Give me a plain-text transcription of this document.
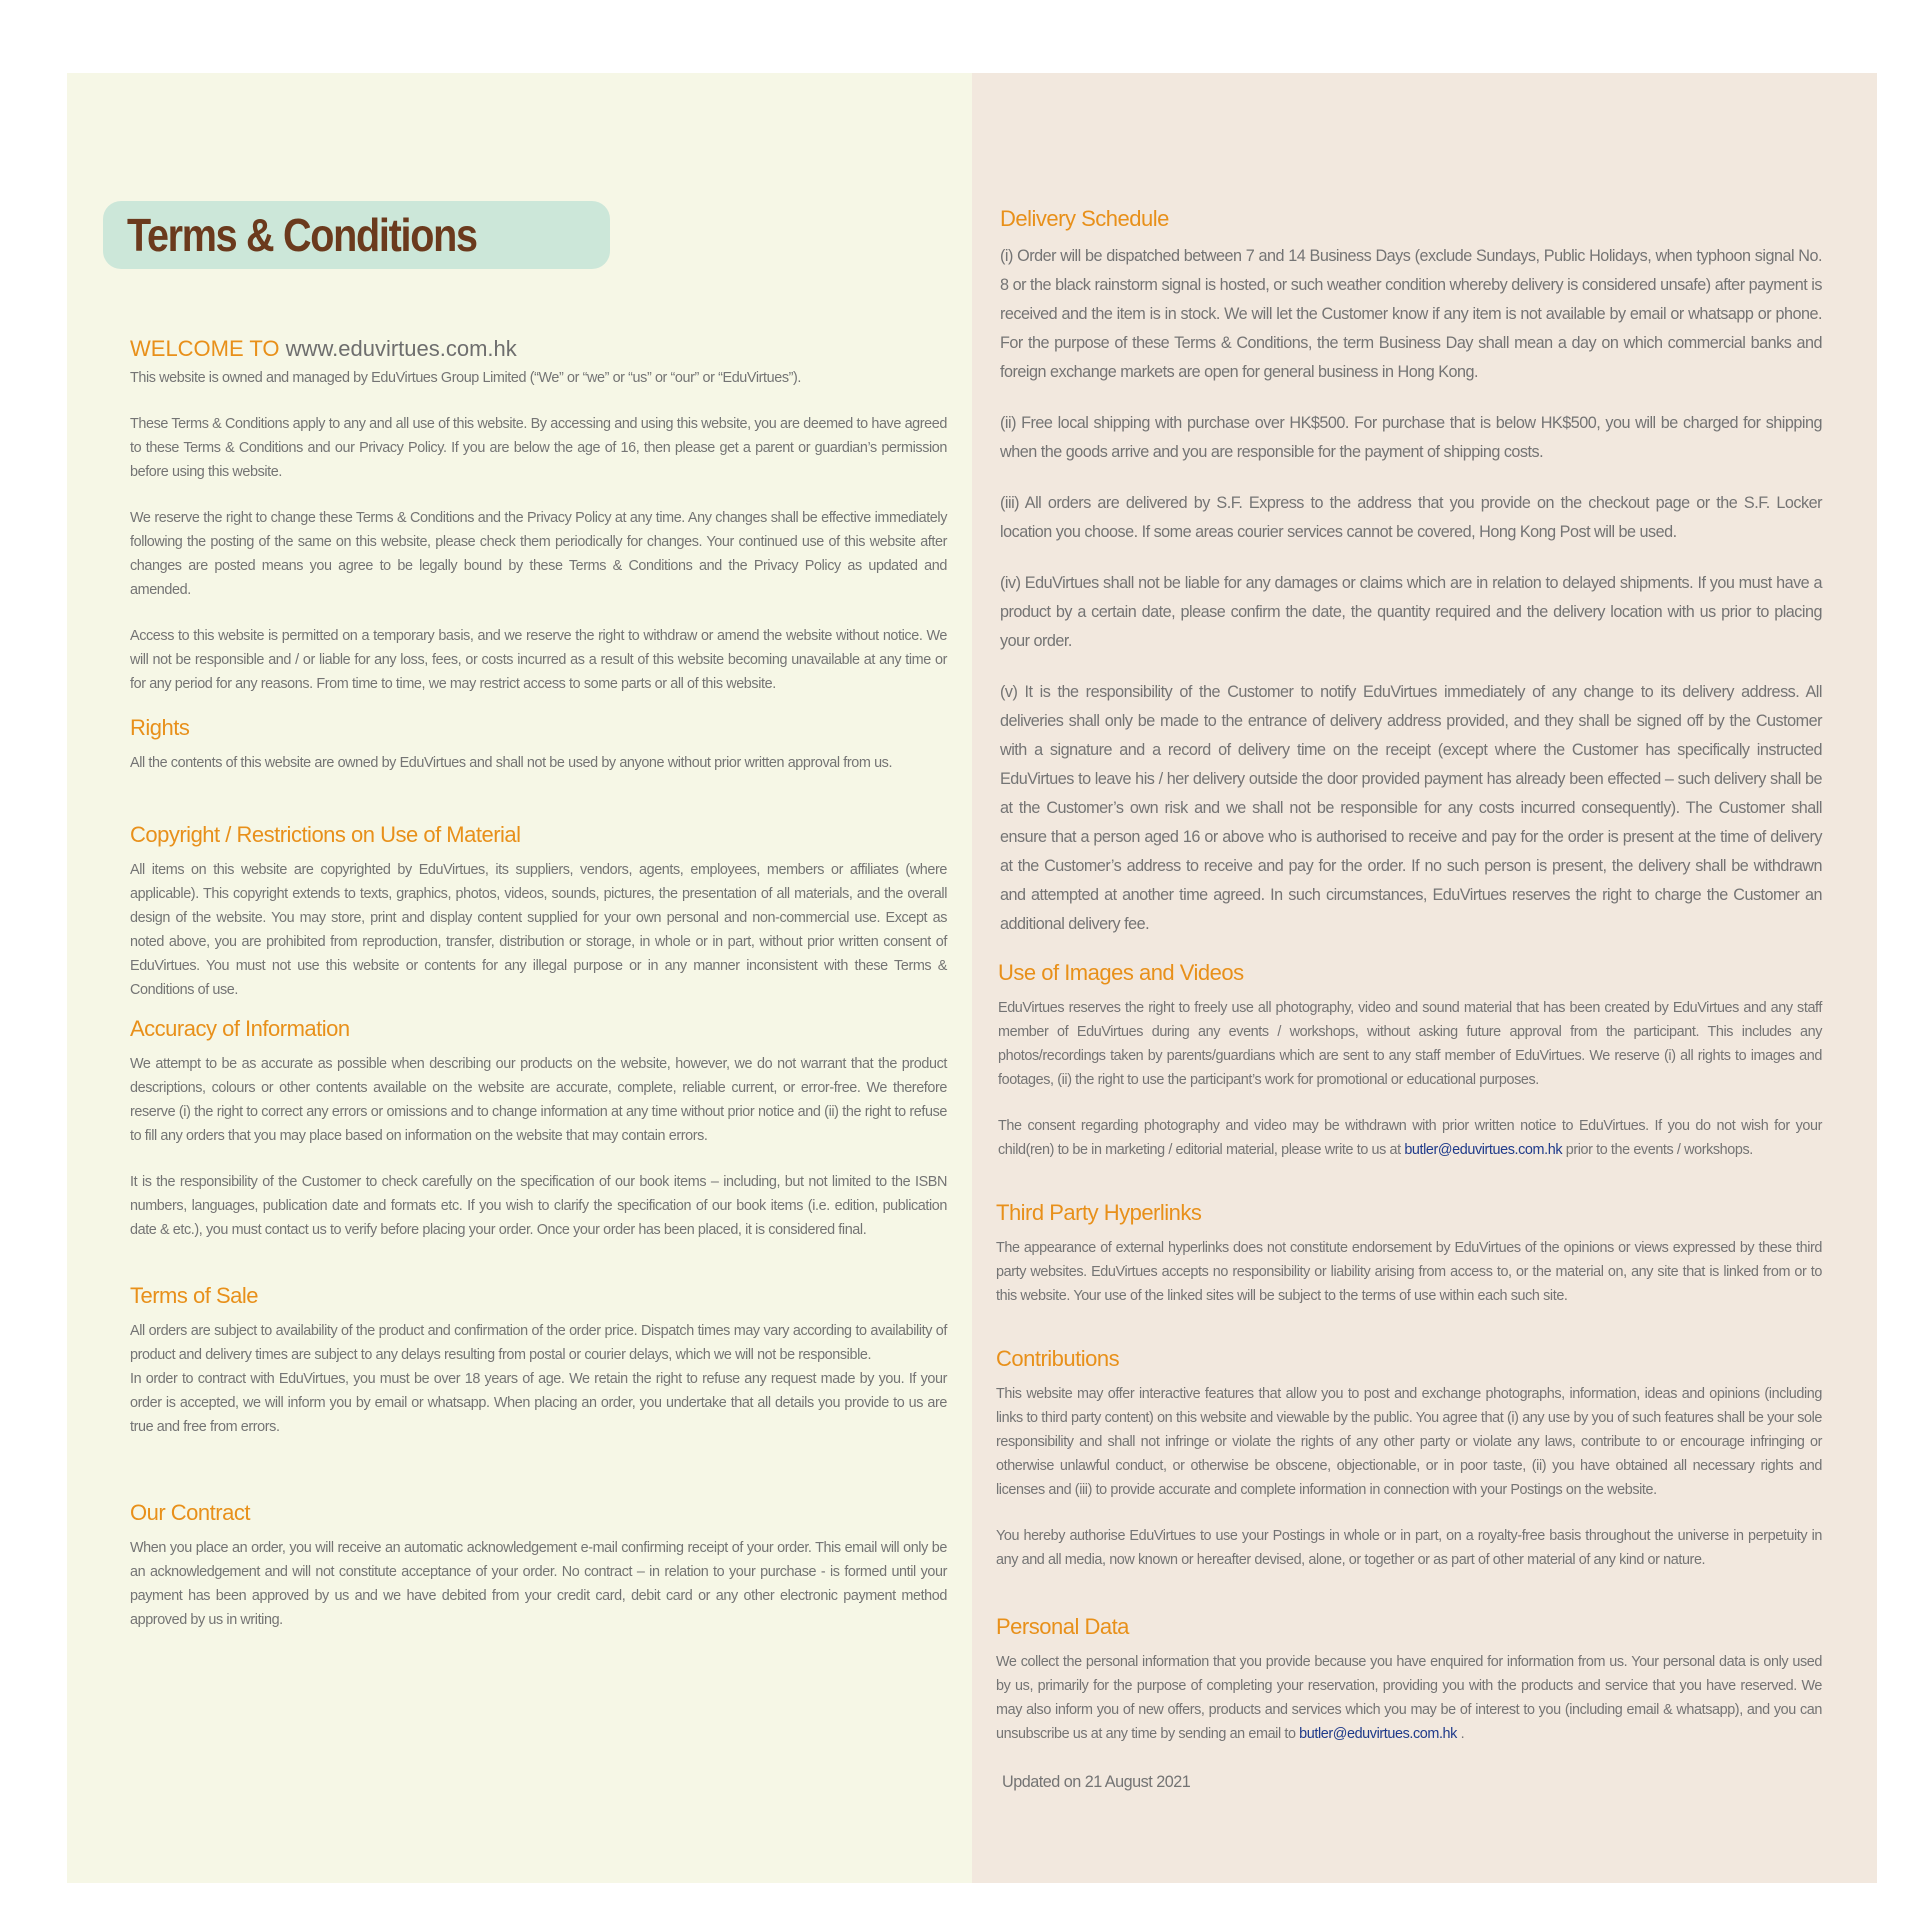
Terms & Conditions

WELCOME TO www.eduvirtues.com.hk

This website is owned and managed by EduVirtues Group Limited (“We” or “we” or “us” or “our” or “EduVirtues”).

These Terms & Conditions apply to any and all use of this website. By accessing and using this website, you are deemed to have agreed to these Terms & Conditions and our Privacy Policy. If you are below the age of 16, then please get a parent or guardian’s permission before using this website.

We reserve the right to change these Terms & Conditions and the Privacy Policy at any time. Any changes shall be effective immediately following the posting of the same on this website, please check them periodically for changes. Your continued use of this website after changes are posted means you agree to be legally bound by these Terms & Conditions and the Privacy Policy as updated and amended.

Access to this website is permitted on a temporary basis, and we reserve the right to withdraw or amend the website without notice. We will not be responsible and / or liable for any loss, fees, or costs incurred as a result of this website becoming unavailable at any time or for any period for any reasons. From time to time, we may restrict access to some parts or all of this website.

Rights

All the contents of this website are owned by EduVirtues and shall not be used by anyone without prior written approval from us.

Copyright / Restrictions on Use of Material

All items on this website are copyrighted by EduVirtues, its suppliers, vendors, agents, employees, members or affiliates (where applicable). This copyright extends to texts, graphics, photos, videos, sounds, pictures, the presentation of all materials, and the overall design of the website. You may store, print and display content supplied for your own personal and non-commercial use. Except as noted above, you are prohibited from reproduction, transfer, distribution or storage, in whole or in part, without prior written consent of EduVirtues. You must not use this website or contents for any illegal purpose or in any manner inconsistent with these Terms & Conditions of use.

Accuracy of Information

We attempt to be as accurate as possible when describing our products on the website, however, we do not warrant that the product descriptions, colours or other contents available on the website are accurate, complete, reliable current, or error-free. We therefore reserve (i) the right to correct any errors or omissions and to change information at any time without prior notice and (ii) the right to refuse to fill any orders that you may place based on information on the website that may contain errors.

It is the responsibility of the Customer to check carefully on the specification of our book items – including, but not limited to the ISBN numbers, languages, publication date and formats etc. If you wish to clarify the specification of our book items (i.e. edition, publication date & etc.), you must contact us to verify before placing your order. Once your order has been placed, it is considered final.

Terms of Sale

All orders are subject to availability of the product and confirmation of the order price. Dispatch times may vary according to availability of product and delivery times are subject to any delays resulting from postal or courier delays, which we will not be responsible.

In order to contract with EduVirtues, you must be over 18 years of age. We retain the right to refuse any request made by you. If your order is accepted, we will inform you by email or whatsapp. When placing an order, you undertake that all details you provide to us are true and free from errors.

Our Contract

When you place an order, you will receive an automatic acknowledgement e-mail confirming receipt of your order. This email will only be an acknowledgement and will not constitute acceptance of your order. No contract – in relation to your purchase - is formed until your payment has been approved by us and we have debited from your credit card, debit card or any other electronic payment method approved by us in writing.

Delivery Schedule

(i) Order will be dispatched between 7 and 14 Business Days (exclude Sundays, Public Holidays, when typhoon signal No. 8 or the black rainstorm signal is hosted, or such weather condition whereby delivery is considered unsafe) after payment is received and the item is in stock. We will let the Customer know if any item is not available by email or whatsapp or phone. For the purpose of these Terms & Conditions, the term Business Day shall mean a day on which commercial banks and foreign exchange markets are open for general business in Hong Kong.

(ii) Free local shipping with purchase over HK$500. For purchase that is below HK$500, you will be charged for shipping when the goods arrive and you are responsible for the payment of shipping costs.

(iii) All orders are delivered by S.F. Express to the address that you provide on the checkout page or the S.F. Locker location you choose. If some areas courier services cannot be covered, Hong Kong Post will be used.

(iv) EduVirtues shall not be liable for any damages or claims which are in relation to delayed shipments. If you must have a product by a certain date, please confirm the date, the quantity required and the delivery location with us prior to placing your order.

(v) It is the responsibility of the Customer to notify EduVirtues immediately of any change to its delivery address. All deliveries shall only be made to the entrance of delivery address provided, and they shall be signed off by the Customer with a signature and a record of delivery time on the receipt (except where the Customer has specifically instructed EduVirtues to leave his / her delivery outside the door provided payment has already been effected – such delivery shall be at the Customer’s own risk and we shall not be responsible for any costs incurred consequently). The Customer shall ensure that a person aged 16 or above who is authorised to receive and pay for the order is present at the time of delivery at the Customer’s address to receive and pay for the order. If no such person is present, the delivery shall be withdrawn and attempted at another time agreed. In such circumstances, EduVirtues reserves the right to charge the Customer an additional delivery fee.

Use of Images and Videos

EduVirtues reserves the right to freely use all photography, video and sound material that has been created by EduVirtues and any staff member of EduVirtues during any events / workshops, without asking future approval from the participant. This includes any photos/recordings taken by parents/guardians which are sent to any staff member of EduVirtues. We reserve (i) all rights to images and footages, (ii) the right to use the participant’s work for promotional or educational purposes.

The consent regarding photography and video may be withdrawn with prior written notice to EduVirtues. If you do not wish for your child(ren) to be in marketing / editorial material, please write to us at butler@eduvirtues.com.hk prior to the events / workshops.

Third Party Hyperlinks

The appearance of external hyperlinks does not constitute endorsement by EduVirtues of the opinions or views expressed by these third party websites. EduVirtues accepts no responsibility or liability arising from access to, or the material on, any site that is linked from or to this website. Your use of the linked sites will be subject to the terms of use within each such site.

Contributions

This website may offer interactive features that allow you to post and exchange photographs, information, ideas and opinions (including links to third party content) on this website and viewable by the public. You agree that (i) any use by you of such features shall be your sole responsibility and shall not infringe or violate the rights of any other party or violate any laws, contribute to or encourage infringing or otherwise unlawful conduct, or otherwise be obscene, objectionable, or in poor taste, (ii) you have obtained all necessary rights and licenses and (iii) to provide accurate and complete information in connection with your Postings on the website.

You hereby authorise EduVirtues to use your Postings in whole or in part, on a royalty-free basis throughout the universe in perpetuity in any and all media, now known or hereafter devised, alone, or together or as part of other material of any kind or nature.

Personal Data

We collect the personal information that you provide because you have enquired for information from us. Your personal data is only used by us, primarily for the purpose of completing your reservation, providing you with the products and service that you have reserved. We may also inform you of new offers, products and services which you may be of interest to you (including email & whatsapp), and you can unsubscribe us at any time by sending an email to butler@eduvirtues.com.hk .

Updated on 21 August 2021
